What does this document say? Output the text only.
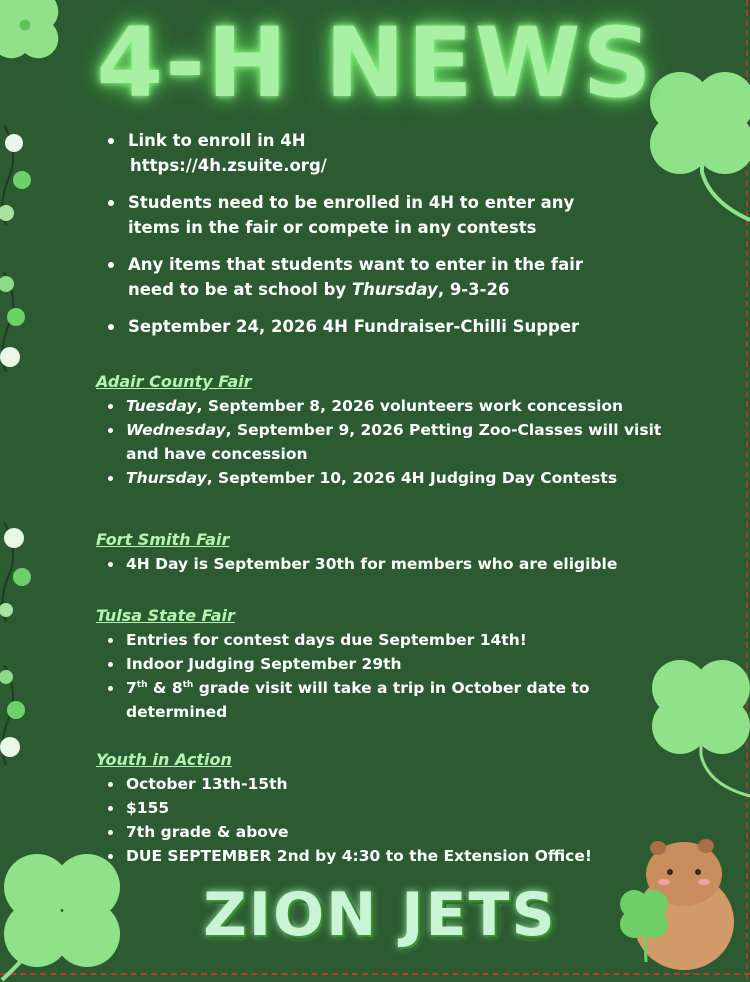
4-H NEWS
Link to enroll in 4H
https://4h.zsuite.org/
Students need to be enrolled in 4H to enter any items in the fair or compete in any contests
Any items that students want to enter in the fair need to be at school by Thursday, 9-3-26
September 24, 2026 4H Fundraiser-Chilli Supper
Adair County Fair
Tuesday, September 8, 2026 volunteers work concession
Wednesday, September 9, 2026 Petting Zoo-Classes will visit and have concession
Thursday, September 10, 2026 4H Judging Day Contests
Fort Smith Fair
4H Day is September 30th for members who are eligible
Tulsa State Fair
Entries for contest days due September 14th!
Indoor Judging September 29th
7th & 8th grade visit will take a trip in October date to determined
Youth in Action
October 13th-15th
$155
7th grade & above
DUE SEPTEMBER 2nd by 4:30 to the Extension Office!
ZION JETS
